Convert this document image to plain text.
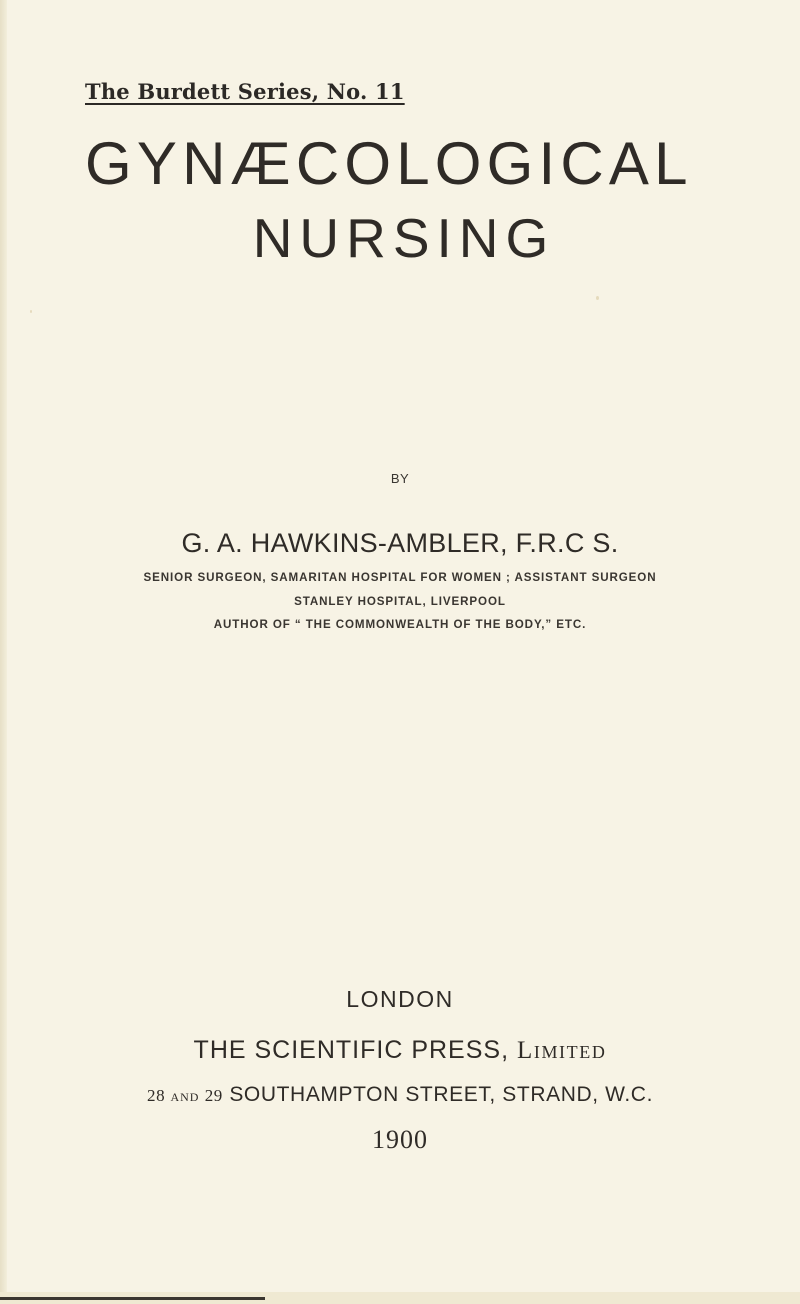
The Burdett Series, No. 11
GYNÆCOLOGICAL
NURSING
BY
G. A. HAWKINS-AMBLER, F.R.C S.
SENIOR SURGEON, SAMARITAN HOSPITAL FOR WOMEN ; ASSISTANT SURGEON
STANLEY HOSPITAL, LIVERPOOL
AUTHOR OF “ THE COMMONWEALTH OF THE BODY,” ETC.
LONDON
THE SCIENTIFIC PRESS, Limited
28 and 29 SOUTHAMPTON STREET, STRAND, W.C.
1900
